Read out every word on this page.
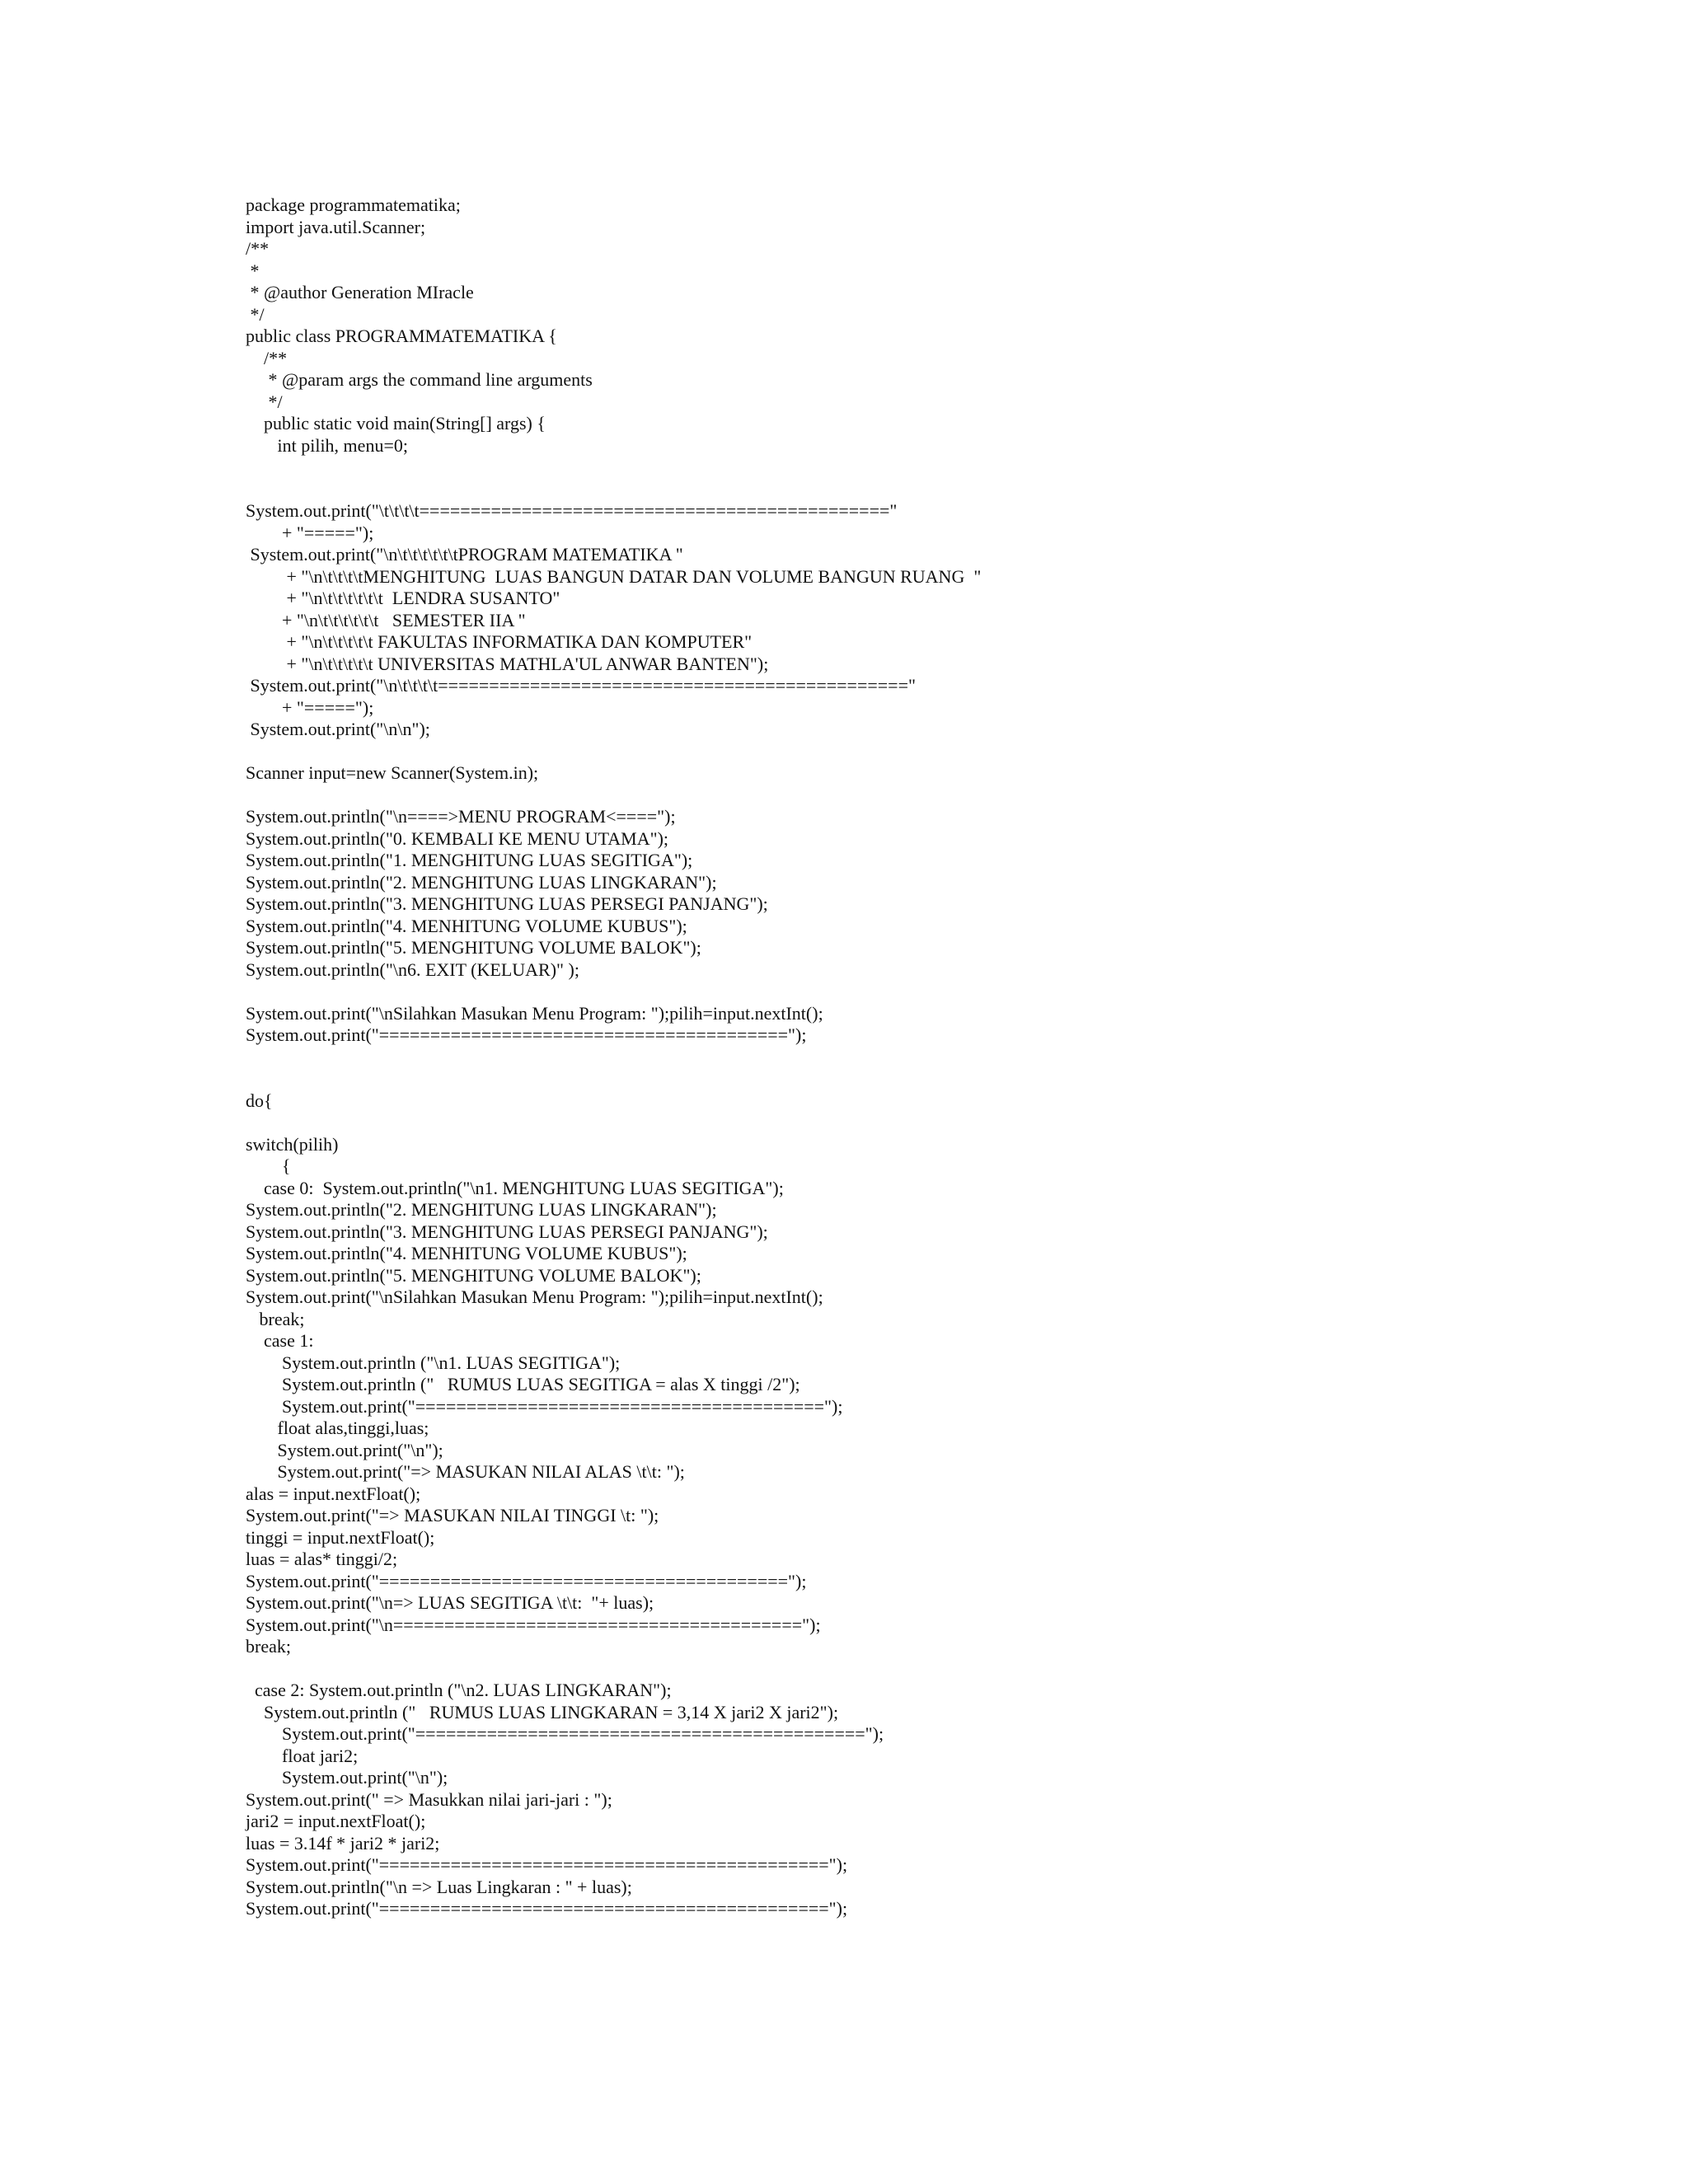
package programmatematika;
import java.util.Scanner;
/**
*
* @author Generation MIracle
*/
public class PROGRAMMATEMATIKA {
/**
* @param args the command line arguments
*/
public static void main(String[] args) {
int pilih, menu=0;
System.out.print("\t\t\t\t=============================================="
+ "=====");
System.out.print("\n\t\t\t\t\t\tPROGRAM MATEMATIKA "
+ "\n\t\t\t\tMENGHITUNG  LUAS BANGUN DATAR DAN VOLUME BANGUN RUANG  "
+ "\n\t\t\t\t\t\t  LENDRA SUSANTO"
+ "\n\t\t\t\t\t\t   SEMESTER IIA "
+ "\n\t\t\t\t\t FAKULTAS INFORMATIKA DAN KOMPUTER"
+ "\n\t\t\t\t\t UNIVERSITAS MATHLA'UL ANWAR BANTEN");
System.out.print("\n\t\t\t\t=============================================="
+ "=====");
System.out.print("\n\n");
Scanner input=new Scanner(System.in);
System.out.println("\n====>MENU PROGRAM<====");
System.out.println("0. KEMBALI KE MENU UTAMA");
System.out.println("1. MENGHITUNG LUAS SEGITIGA");
System.out.println("2. MENGHITUNG LUAS LINGKARAN");
System.out.println("3. MENGHITUNG LUAS PERSEGI PANJANG");
System.out.println("4. MENHITUNG VOLUME KUBUS");
System.out.println("5. MENGHITUNG VOLUME BALOK");
System.out.println("\n6. EXIT (KELUAR)" );
System.out.print("\nSilahkan Masukan Menu Program: ");pilih=input.nextInt();
System.out.print("========================================");
do{
switch(pilih)
{
case 0:  System.out.println("\n1. MENGHITUNG LUAS SEGITIGA");
System.out.println("2. MENGHITUNG LUAS LINGKARAN");
System.out.println("3. MENGHITUNG LUAS PERSEGI PANJANG");
System.out.println("4. MENHITUNG VOLUME KUBUS");
System.out.println("5. MENGHITUNG VOLUME BALOK");
System.out.print("\nSilahkan Masukan Menu Program: ");pilih=input.nextInt();
break;
case 1:
System.out.println ("\n1. LUAS SEGITIGA");
System.out.println ("   RUMUS LUAS SEGITIGA = alas X tinggi /2");
System.out.print("========================================");
float alas,tinggi,luas;
System.out.print("\n");
System.out.print("=> MASUKAN NILAI ALAS \t\t: ");
alas = input.nextFloat();
System.out.print("=> MASUKAN NILAI TINGGI \t: ");
tinggi = input.nextFloat();
luas = alas* tinggi/2;
System.out.print("========================================");
System.out.print("\n=> LUAS SEGITIGA \t\t:  "+ luas);
System.out.print("\n========================================");
break;
case 2: System.out.println ("\n2. LUAS LINGKARAN");
System.out.println ("   RUMUS LUAS LINGKARAN = 3,14 X jari2 X jari2");
System.out.print("============================================");
float jari2;
System.out.print("\n");
System.out.print(" => Masukkan nilai jari-jari : ");
jari2 = input.nextFloat();
luas = 3.14f * jari2 * jari2;
System.out.print("============================================");
System.out.println("\n => Luas Lingkaran : " + luas);
System.out.print("============================================");
